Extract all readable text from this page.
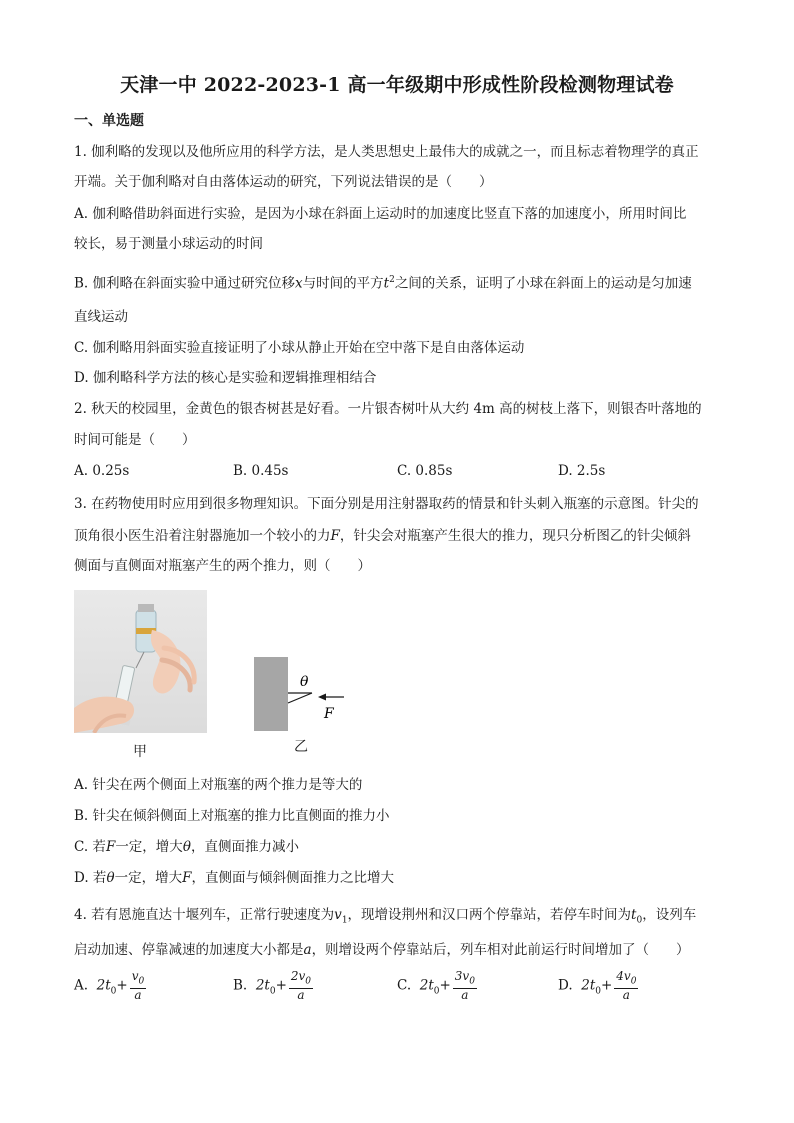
天津一中 2022-2023-1 高一年级期中形成性阶段检测物理试卷
一、单选题
1. 伽利略的发现以及他所应用的科学方法，是人类思想史上最伟大的成就之一，而且标志着物理学的真正
开端。关于伽利略对自由落体运动的研究，下列说法错误的是（　　）
A. 伽利略借助斜面进行实验，是因为小球在斜面上运动时的加速度比竖直下落的加速度小，所用时间比
较长，易于测量小球运动的时间
B. 伽利略在斜面实验中通过研究位移x与时间的平方$t^2$之间的关系，证明了小球在斜面上的运动是匀加速
直线运动
C. 伽利略用斜面实验直接证明了小球从静止开始在空中落下是自由落体运动
D. 伽利略科学方法的核心是实验和逻辑推理相结合
2. 秋天的校园里，金黄色的银杏树甚是好看。一片银杏树叶从大约 4m 高的树枝上落下，则银杏叶落地的
时间可能是（　　）
A. 0.25s	B. 0.45s	C. 0.85s	D. 2.5s
3. 在药物使用时应用到很多物理知识。下面分别是用注射器取药的情景和针头刺入瓶塞的示意图。针尖的
顶角很小医生沿着注射器施加一个较小的力F，针尖会对瓶塞产生很大的推力，现只分析图乙的针尖倾斜
侧面与直侧面对瓶塞产生的两个推力，则（　　）
甲
θ
F
乙
A. 针尖在两个侧面上对瓶塞的两个推力是等大的
B. 针尖在倾斜侧面上对瓶塞的推力比直侧面的推力小
C. 若F一定，增大θ，直侧面推力减小
D. 若θ一定，增大F，直侧面与倾斜侧面推力之比增大
4. 若有恩施直达十堰列车，正常行驶速度为$v_1$，现增设荆州和汉口两个停靠站，若停车时间为$t_0$，设列车
启动加速、停靠减速的加速度大小都是a，则增设两个停靠站后，列车相对此前运行时间增加了（　　）
A. $2t_0+ \frac{v_0}{a}$	B. $2t_0+ \frac{2v_0}{a}$	C. $2t_0+ \frac{3v_0}{a}$	D. $2t_0+ \frac{4v_0}{a}$
